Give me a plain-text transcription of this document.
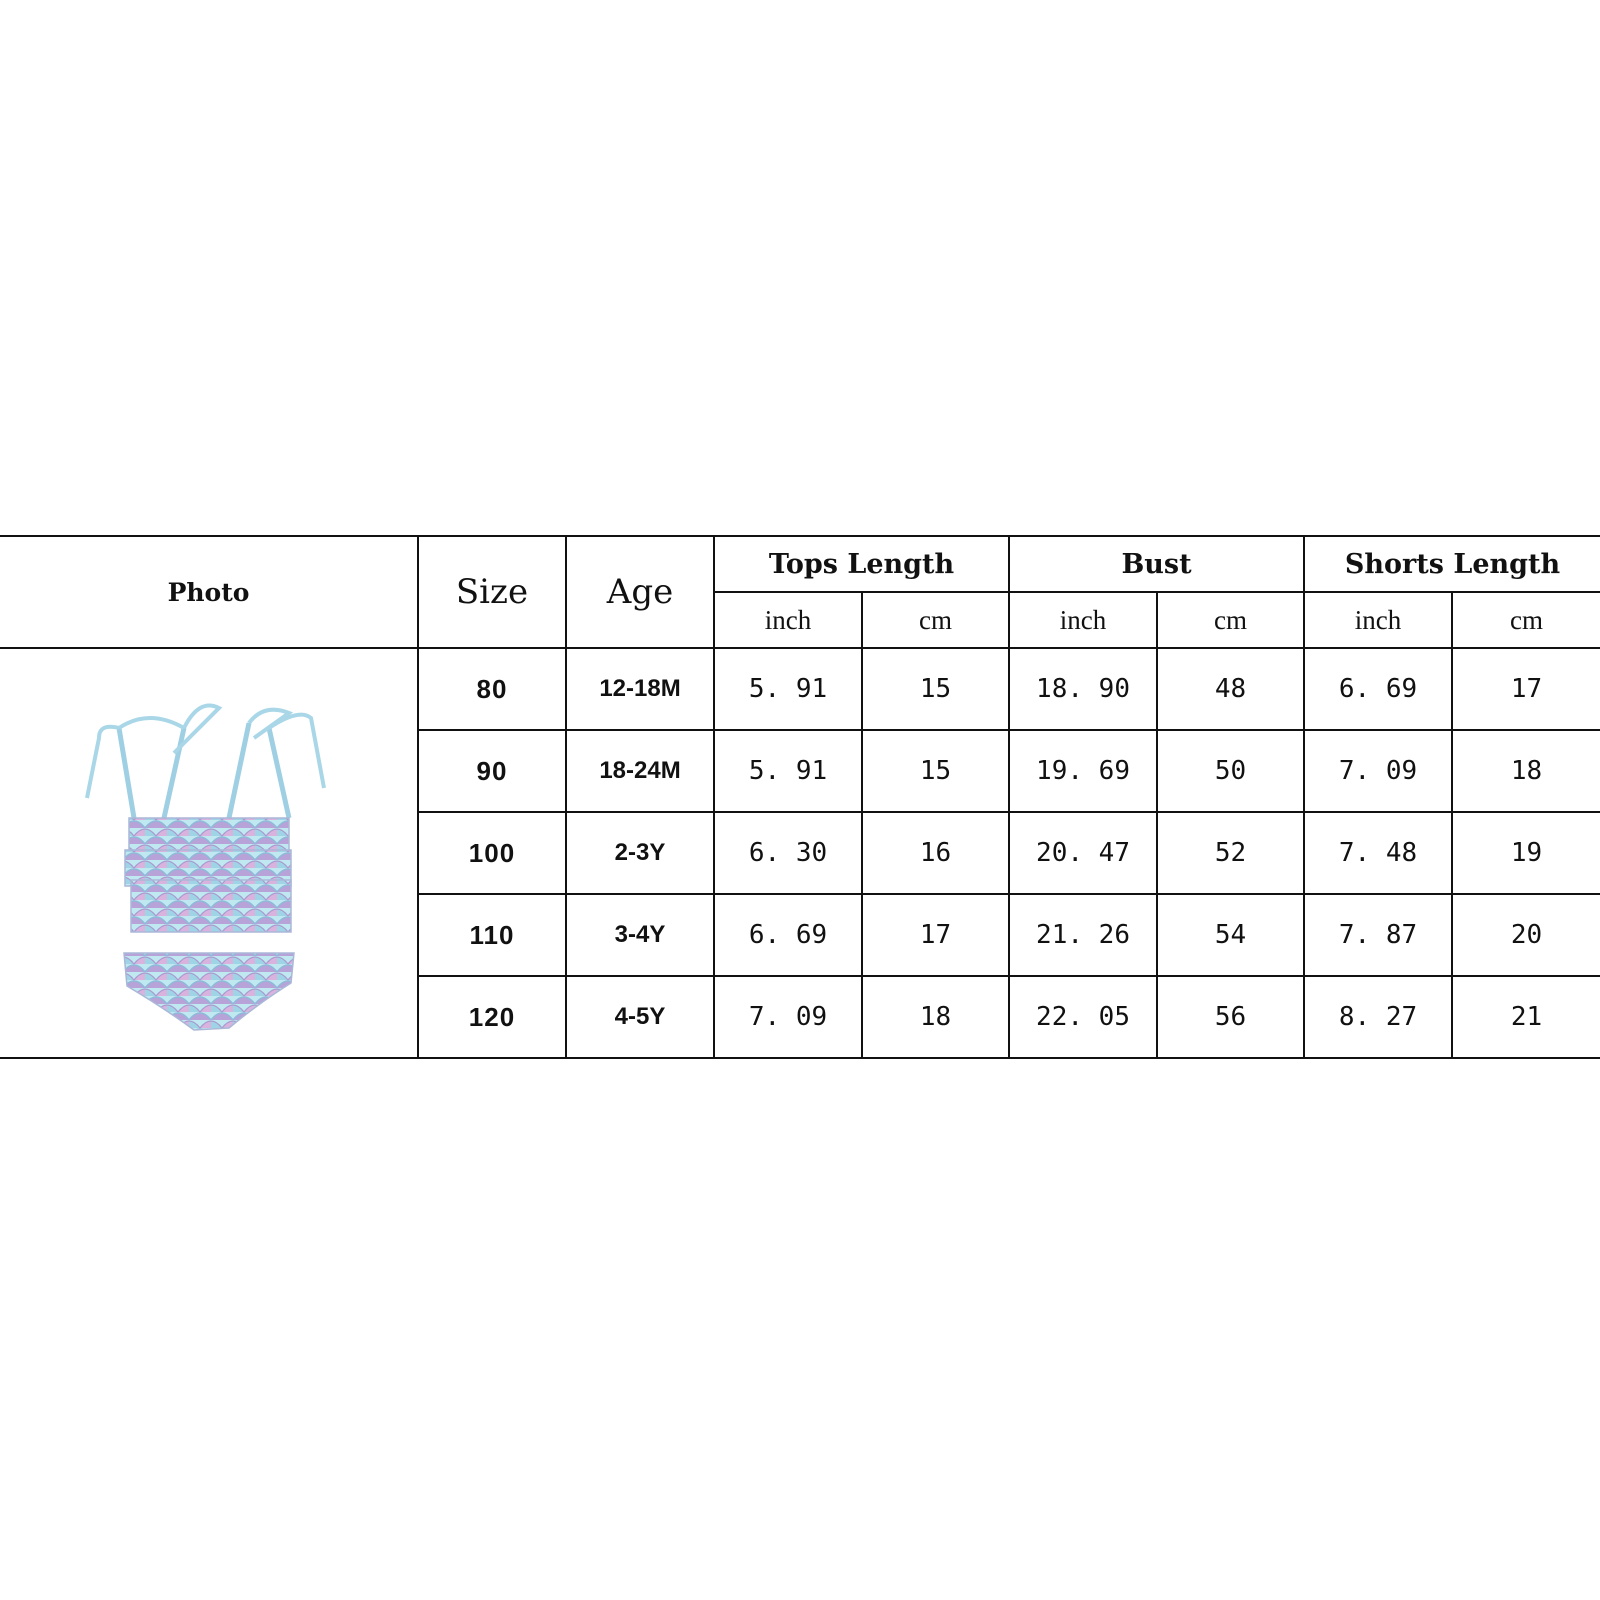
Photo	Size	Age	Tops Length		Bust		Shorts Length	
			inch	cm	inch	cm	inch	cm

	80	12-18M	5. 91	15	18. 90	48	6. 69	17
	90	18-24M	5. 91	15	19. 69	50	7. 09	18
	100	2-3Y	6. 30	16	20. 47	52	7. 48	19
	110	3-4Y	6. 69	17	21. 26	54	7. 87	20
	120	4-5Y	7. 09	18	22. 05	56	8. 27	21
